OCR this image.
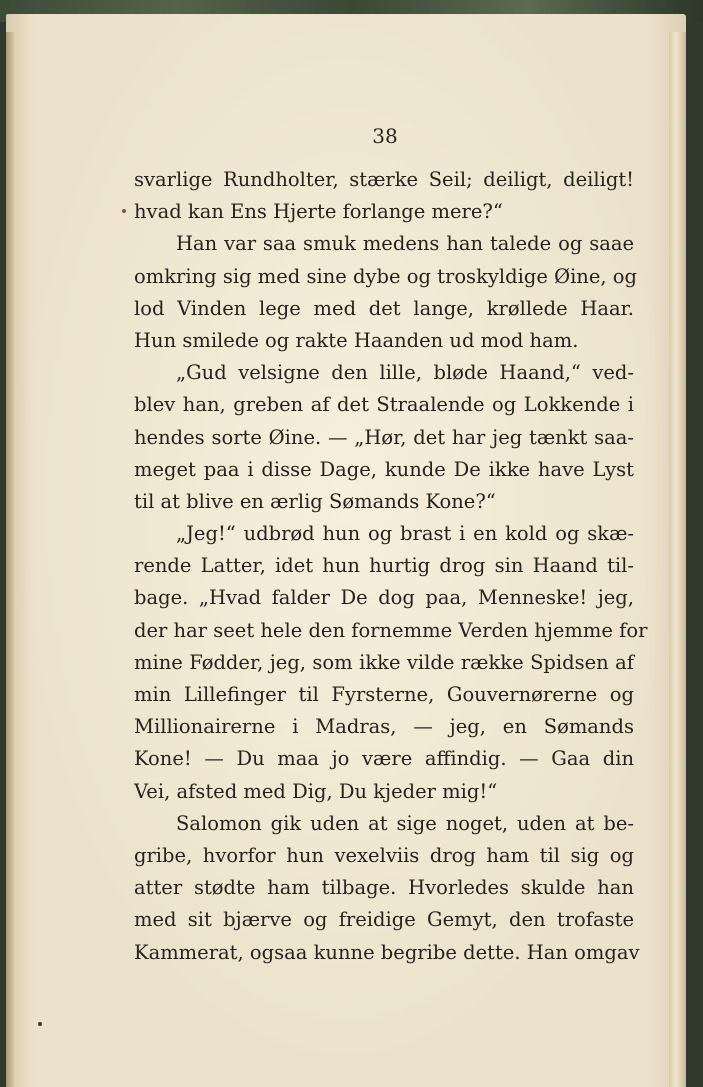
38
svarlige Rundholter, stærke Seil; deiligt, deiligt!
hvad kan Ens Hjerte forlange mere?“
Han var saa smuk medens han talede og saae
omkring sig med sine dybe og troskyldige Øine, og
lod Vinden lege med det lange, krøllede Haar.
Hun smilede og rakte Haanden ud mod ham.
„Gud velsigne den lille, bløde Haand,“ ved-
blev han, greben af det Straalende og Lokkende i
hendes sorte Øine. — „Hør, det har jeg tænkt saa-
meget paa i disse Dage, kunde De ikke have Lyst
til at blive en ærlig Sømands Kone?“
„Jeg!“ udbrød hun og brast i en kold og skæ-
rende Latter, idet hun hurtig drog sin Haand til-
bage. „Hvad falder De dog paa, Menneske! jeg,
der har seet hele den fornemme Verden hjemme for
mine Fødder, jeg, som ikke vilde række Spidsen af
min Lillefinger til Fyrsterne, Gouvernørerne og
Millionairerne i Madras, — jeg, en Sømands
Kone! — Du maa jo være affindig. — Gaa din
Vei, afsted med Dig, Du kjeder mig!“
Salomon gik uden at sige noget, uden at be-
gribe, hvorfor hun vexelviis drog ham til sig og
atter stødte ham tilbage. Hvorledes skulde han
med sit bjærve og freidige Gemyt, den trofaste
Kammerat, ogsaa kunne begribe dette. Han omgav
